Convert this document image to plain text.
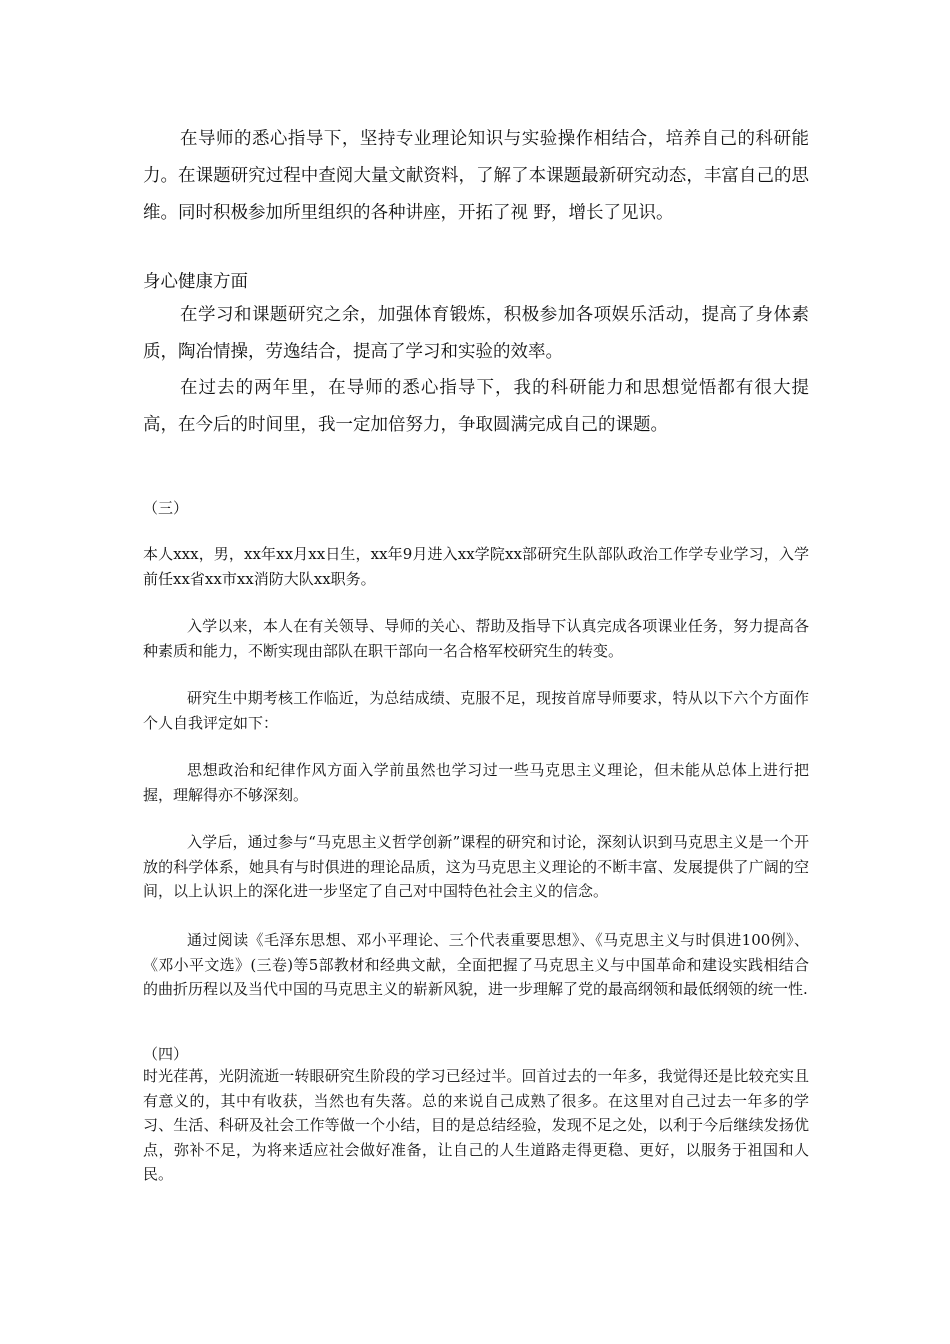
在导师的悉心指导下，坚持专业理论知识与实验操作相结合，培养自己的科研能力。在课题研究过程中查阅大量文献资料，了解了本课题最新研究动态，丰富自己的思维。同时积极参加所里组织的各种讲座，开拓了视 野，增长了见识。

身心健康方面

在学习和课题研究之余，加强体育锻炼，积极参加各项娱乐活动，提高了身体素质，陶冶情操，劳逸结合，提高了学习和实验的效率。

在过去的两年里，在导师的悉心指导下，我的科研能力和思想觉悟都有很大提高，在今后的时间里，我一定加倍努力，争取圆满完成自己的课题。

（三）

本人xxx，男，xx年xx月xx日生，xx年9月进入xx学院xx部研究生队部队政治工作学专业学习，入学前任xx省xx市xx消防大队xx职务。

入学以来，本人在有关领导、导师的关心、帮助及指导下认真完成各项课业任务，努力提高各种素质和能力，不断实现由部队在职干部向一名合格军校研究生的转变。

研究生中期考核工作临近，为总结成绩、克服不足，现按首席导师要求，特从以下六个方面作个人自我评定如下：

思想政治和纪律作风方面入学前虽然也学习过一些马克思主义理论，但未能从总体上进行把握，理解得亦不够深刻。

入学后，通过参与“马克思主义哲学创新”课程的研究和讨论，深刻认识到马克思主义是一个开放的科学体系，她具有与时俱进的理论品质，这为马克思主义理论的不断丰富、发展提供了广阔的空间，以上认识上的深化进一步坚定了自己对中国特色社会主义的信念。

通过阅读《毛泽东思想、邓小平理论、三个代表重要思想》、《马克思主义与时俱进100例》、《邓小平文选》(三卷)等5部教材和经典文献，全面把握了马克思主义与中国革命和建设实践相结合的曲折历程以及当代中国的马克思主义的崭新风貌，进一步理解了党的最高纲领和最低纲领的统一性.

（四）

时光荏苒，光阴流逝一转眼研究生阶段的学习已经过半。回首过去的一年多，我觉得还是比较充实且有意义的，其中有收获，当然也有失落。总的来说自己成熟了很多。在这里对自己过去一年多的学习、生活、科研及社会工作等做一个小结，目的是总结经验，发现不足之处，以利于今后继续发扬优点，弥补不足，为将来适应社会做好准备，让自己的人生道路走得更稳、更好，以服务于祖国和人民。
